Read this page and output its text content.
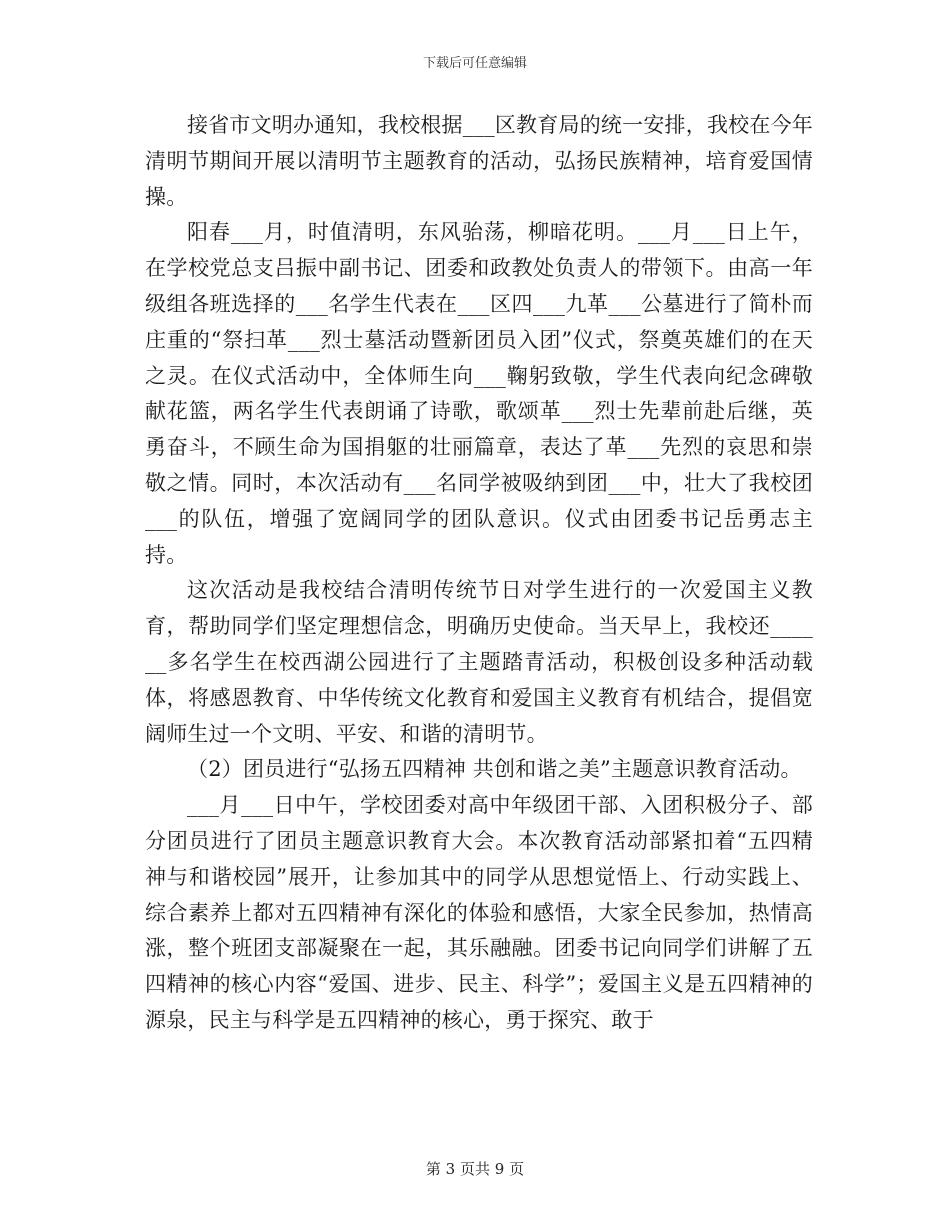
下载后可任意编辑

接省市文明办通知，我校根据___区教育局的统一安排，我校在今年清明节期间开展以清明节主题教育的活动，弘扬民族精神，培育爱国情操。

阳春___月，时值清明，东风骀荡，柳暗花明。___月___日上午，在学校党总支吕振中副书记、团委和政教处负责人的带领下。由高一年级组各班选择的___名学生代表在___区四___九革___公墓进行了简朴而庄重的“祭扫革___烈士墓活动暨新团员入团”仪式，祭奠英雄们的在天之灵。在仪式活动中，全体师生向___鞠躬致敬，学生代表向纪念碑敬献花篮，两名学生代表朗诵了诗歌，歌颂革___烈士先辈前赴后继，英勇奋斗，不顾生命为国捐躯的壮丽篇章，表达了革___先烈的哀思和崇敬之情。同时，本次活动有___名同学被吸纳到团___中，壮大了我校团___的队伍，增强了宽阔同学的团队意识。仪式由团委书记岳勇志主持。

这次活动是我校结合清明传统节日对学生进行的一次爱国主义教育，帮助同学们坚定理想信念，明确历史使命。当天早上，我校还______多名学生在校西湖公园进行了主题踏青活动，积极创设多种活动载体，将感恩教育、中华传统文化教育和爱国主义教育有机结合，提倡宽阔师生过一个文明、平安、和谐的清明节。

（2）团员进行“弘扬五四精神 共创和谐之美”主题意识教育活动。

___月___日中午，学校团委对高中年级团干部、入团积极分子、部分团员进行了团员主题意识教育大会。本次教育活动部紧扣着“五四精神与和谐校园”展开，让参加其中的同学从思想觉悟上、行动实践上、综合素养上都对五四精神有深化的体验和感悟，大家全民参加，热情高涨，整个班团支部凝聚在一起，其乐融融。团委书记向同学们讲解了五四精神的核心内容“爱国、进步、民主、科学”；爱国主义是五四精神的源泉，民主与科学是五四精神的核心，勇于探究、敢于

第 3 页共 9 页
